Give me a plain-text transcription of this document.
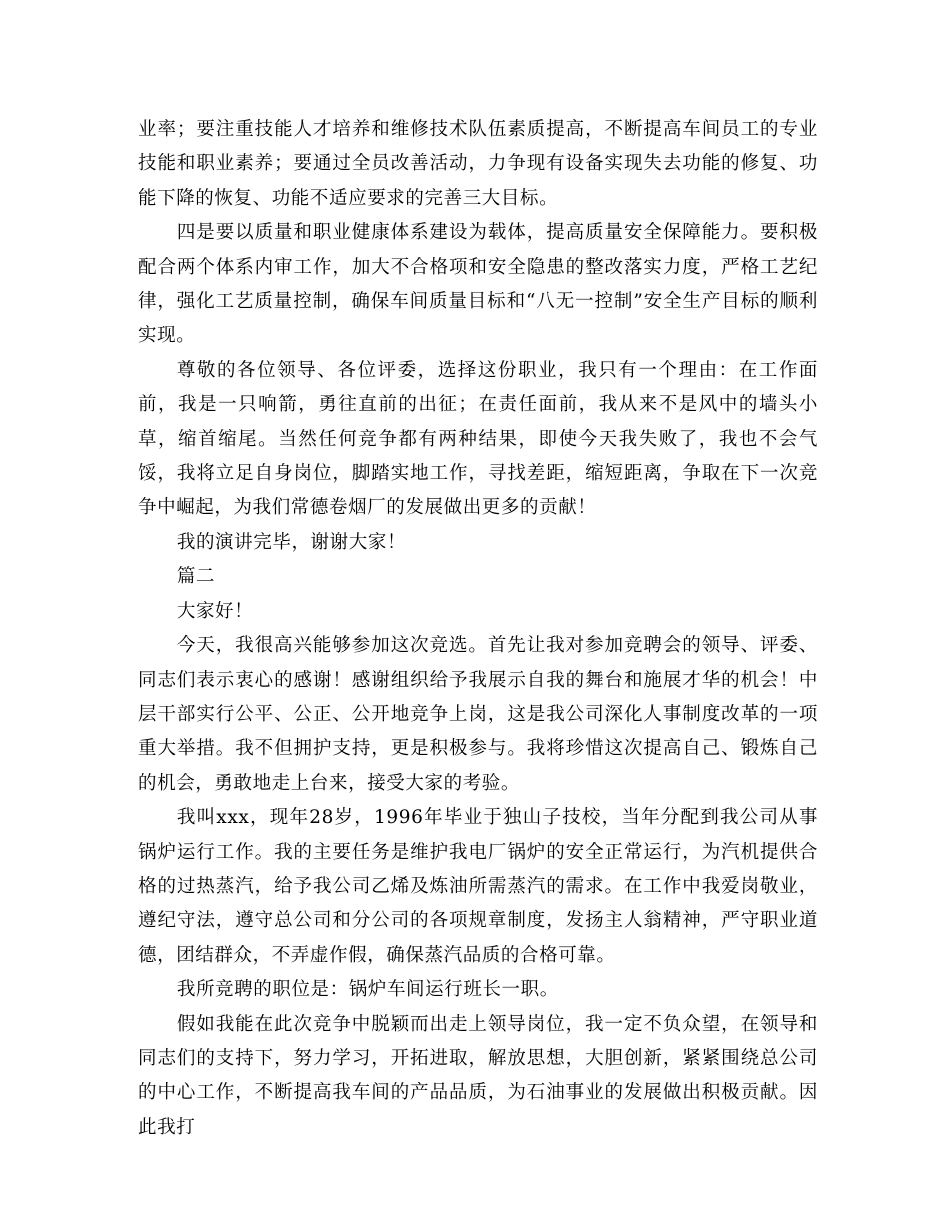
业率；要注重技能人才培养和维修技术队伍素质提高，不断提高车间员工的专业技能和职业素养；要通过全员改善活动，力争现有设备实现失去功能的修复、功能下降的恢复、功能不适应要求的完善三大目标。

四是要以质量和职业健康体系建设为载体，提高质量安全保障能力。要积极配合两个体系内审工作，加大不合格项和安全隐患的整改落实力度，严格工艺纪律，强化工艺质量控制，确保车间质量目标和“八无一控制”安全生产目标的顺利实现。

尊敬的各位领导、各位评委，选择这份职业，我只有一个理由：在工作面前，我是一只响箭，勇往直前的出征；在责任面前，我从来不是风中的墙头小草，缩首缩尾。当然任何竞争都有两种结果，即使今天我失败了，我也不会气馁，我将立足自身岗位，脚踏实地工作，寻找差距，缩短距离，争取在下一次竞争中崛起，为我们常德卷烟厂的发展做出更多的贡献！

我的演讲完毕，谢谢大家！

篇二

大家好！

今天，我很高兴能够参加这次竞选。首先让我对参加竞聘会的领导、评委、同志们表示衷心的感谢！感谢组织给予我展示自我的舞台和施展才华的机会！中层干部实行公平、公正、公开地竞争上岗，这是我公司深化人事制度改革的一项重大举措。我不但拥护支持，更是积极参与。我将珍惜这次提高自己、锻炼自己的机会，勇敢地走上台来，接受大家的考验。

我叫xxx，现年28岁，1996年毕业于独山子技校，当年分配到我公司从事锅炉运行工作。我的主要任务是维护我电厂锅炉的安全正常运行，为汽机提供合格的过热蒸汽，给予我公司乙烯及炼油所需蒸汽的需求。在工作中我爱岗敬业，遵纪守法，遵守总公司和分公司的各项规章制度，发扬主人翁精神，严守职业道德，团结群众，不弄虚作假，确保蒸汽品质的合格可靠。

我所竞聘的职位是：锅炉车间运行班长一职。

假如我能在此次竞争中脱颖而出走上领导岗位，我一定不负众望，在领导和同志们的支持下，努力学习，开拓进取，解放思想，大胆创新，紧紧围绕总公司的中心工作，不断提高我车间的产品品质，为石油事业的发展做出积极贡献。因此我打
